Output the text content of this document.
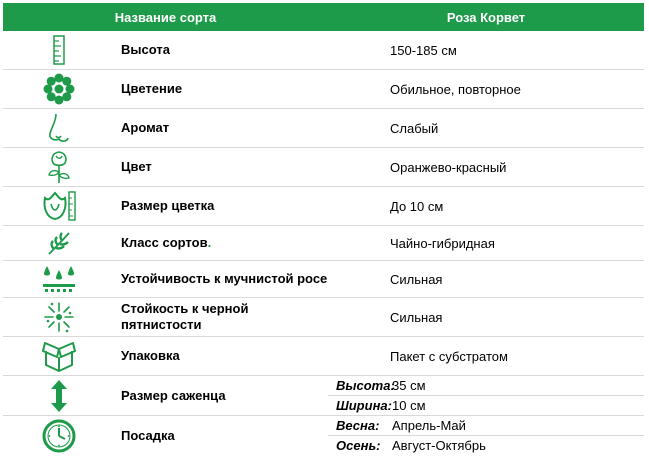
Название сорта		Роза Корвет	

	Высота	150-185 см	

	Цветение	Обильное, повторное	

	Аромат	Слабый	

	Цвет	Оранжево-красный	

	Размер цветка	До 10 см	

	Класс сортов.	Чайно-гибридная	

	Устойчивость к мучнистой росе	Сильная	

	Стойкость к черной пятнистости	Сильная	

	Упаковка	Пакет с субстратом	

	Размер саженца	Высота:	35 см
		Ширина:	10 см

	Посадка	Весна:	Апрель-Май
		Осень:	Август-Октябрь
